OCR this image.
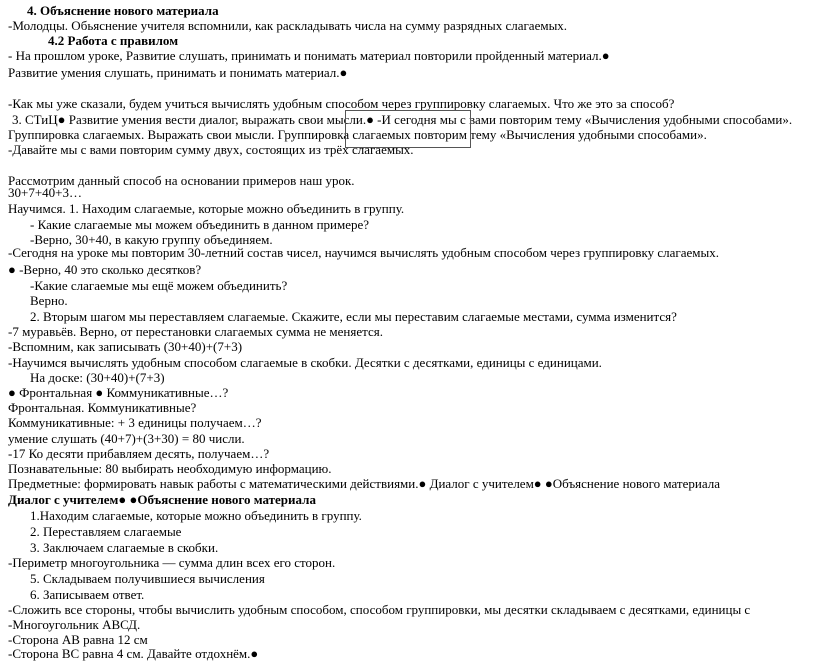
4. Объяснение нового материала
-Молодцы. Обьяснение учителя вспомнили, как раскладывать числа на сумму разрядных слагаемых.
4.2 Работа с правилом
- На прошлом уроке, Развитие слушать, принимать и понимать материал повторили пройденный материал.●
Развитие умения слушать, принимать и понимать материал.●
-Как мы уже сказали, будем учиться вычислять удобным способом через группировку слагаемых. Что же это за способ?
3. СТиЦ● Развитие умения вести диалог, выражать свои мысли.● -И сегодня мы с вами повторим тему «Вычисления удобными способами».
Группировка слагаемых. Выражать свои мысли. Группировка слагаемых повторим тему «Вычисления удобными способами».
-Давайте мы с вами повторим сумму двух, состоящих из трёх слагаемых.
Рассмотрим данный способ на основании примеров наш урок.
30+7+40+3…
Научимся. 1. Находим слагаемые, которые можно объединить в группу.
- Какие слагаемые мы можем объединить в данном примере?
-Верно, 30+40, в какую группу объединяем.
-Сегодня на уроке мы повторим 30-летний состав чисел, научимся вычислять удобным способом через группировку слагаемых.
● -Верно, 40 это сколько десятков?
-Какие слагаемые мы ещё можем объединить?
Верно.
2. Вторым шагом мы переставляем слагаемые. Скажите, если мы переставим слагаемые местами, сумма изменится?
-7 муравьёв. Верно, от перестановки слагаемых сумма не меняется.
-Вспомним, как записывать (30+40)+(7+3)
-Научимся вычислять удобным способом слагаемые в скобки. Десятки с десятками, единицы с единицами.
На доске: (30+40)+(7+3)
● Фронтальная ● Коммуникативные…?
Фронтальная. Коммуникативные?
Коммуникативные: + 3 единицы получаем…?
умение слушать (40+7)+(3+30) = 80 числи.
-17 Ко десяти прибавляем десять, получаем…?
Познавательные: 80 выбирать необходимую информацию.
Предметные: формировать навык работы с математическими действиями.● Диалог с учителем● ●Объяснение нового материала
Диалог с учителем● ●Объяснение нового материала
1.Находим слагаемые, которые можно объединить в группу.
2. Переставляем слагаемые
3. Заключаем слагаемые в скобки.
-Периметр многоугольника — сумма длин всех его сторон.
5. Складываем получившиеся вычисления
6. Записываем ответ.
-Сложить все стороны, чтобы вычислить удобным способом, способом группировки, мы десятки складываем с десятками, единицы с
-Многоугольник АВСД.
-Сторона АВ равна 12 см
-Сторона ВС равна 4 см. Давайте отдохнём.●
